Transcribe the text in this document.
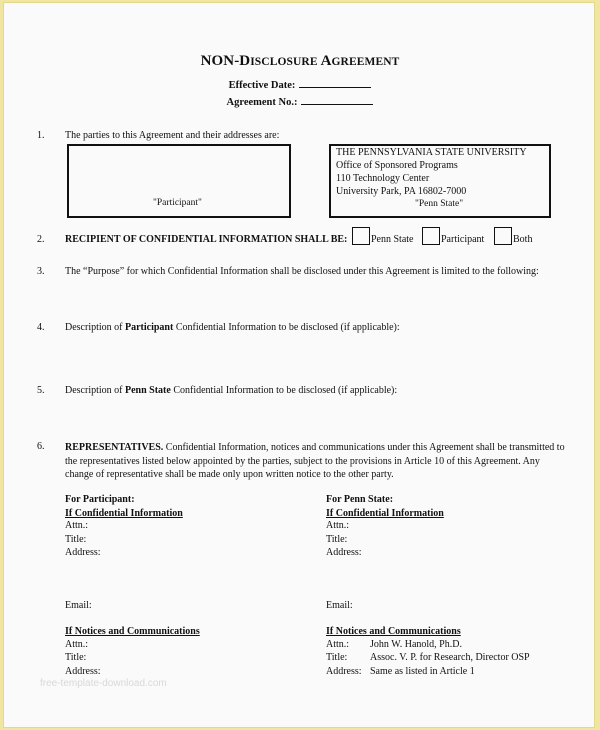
NON-DISCLOSURE AGREEMENT
Effective Date:
Agreement No.:
1. The parties to this Agreement and their addresses are:
"Participant"
THE PENNSYLVANIA STATE UNIVERSITY
Office of Sponsored Programs
110 Technology Center
University Park, PA 16802-7000
"Penn State"
2. RECIPIENT OF CONFIDENTIAL INFORMATION SHALL BE: Penn State	Participant	Both
3. The “Purpose” for which Confidential Information shall be disclosed under this Agreement is limited to the following:
4. Description of Participant Confidential Information to be disclosed (if applicable):
5. Description of Penn State Confidential Information to be disclosed (if applicable):
6. REPRESENTATIVES. Confidential Information, notices and communications under this Agreement shall be transmitted to the representatives listed below appointed by the parties, subject to the provisions in Article 10 of this Agreement. Any change of representative shall be made only upon written notice to the other party.
For Participant:
If Confidential Information
Attn.:
Title:
Address:
Email:
If Notices and Communications
Attn.:
Title:
Address:
For Penn State:
If Confidential Information
Attn.:
Title:
Address:
Email:
If Notices and Communications
Attn.: John W. Hanold, Ph.D.
Title: Assoc. V. P. for Research, Director OSP
Address: Same as listed in Article 1
free-template-download.com
